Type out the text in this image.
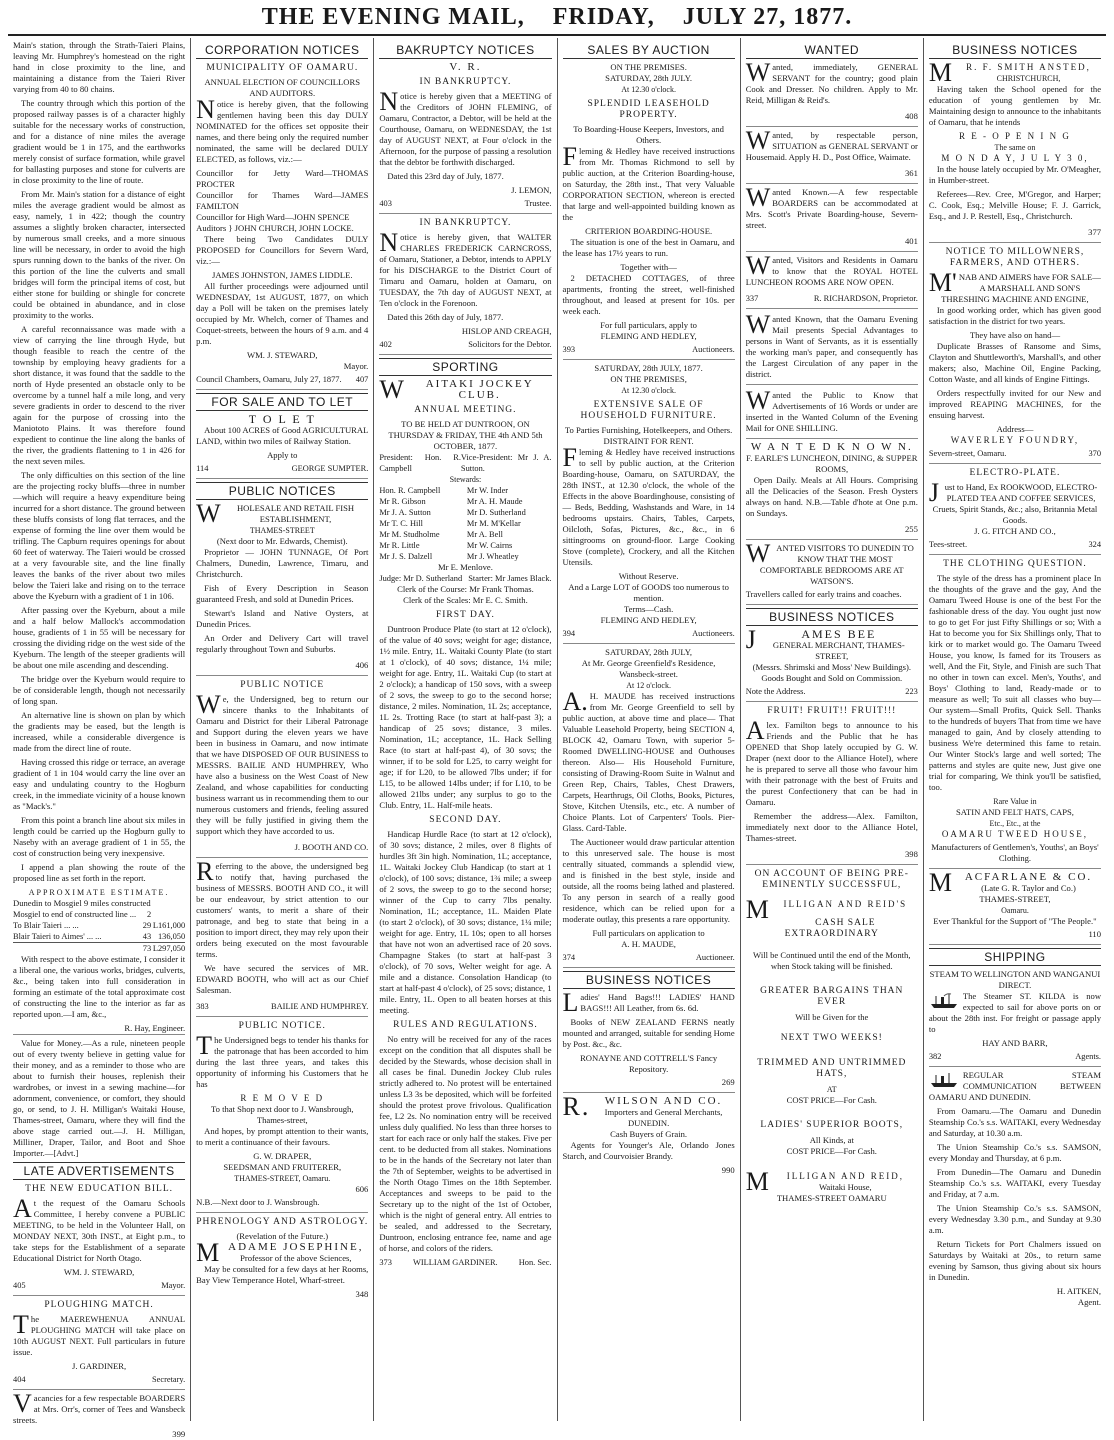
THE EVENING MAIL, FRIDAY, JULY 27, 1877.

Main's station, through the Strath-Taieri Plains, leaving Mr. Humphrey's homestead on the right hand in close proximity to the line, and maintaining a distance from the Taieri River varying from 40 to 80 chains.

The country through which this portion of the proposed railway passes is of a character highly suitable for the necessary works of construction, and for a distance of nine miles the average gradient would be 1 in 175, and the earthworks merely consist of surface formation, while gravel for ballasting purposes and stone for culverts are in close proximity to the line of route.

From Mr. Main's station for a distance of eight miles the average gradient would be almost as easy, namely, 1 in 422; though the country assumes a slightly broken character, intersected by numerous small creeks, and a more sinuous line will be necessary, in order to avoid the high spurs running down to the banks of the river. On this portion of the line the culverts and small bridges will form the principal items of cost, but either stone for building or shingle for concrete could be obtained in abundance, and in close proximity to the works.

A careful reconnaissance was made with a view of carrying the line through Hyde, but though feasible to reach the centre of the township by employing heavy gradients for a short distance, it was found that the saddle to the north of Hyde presented an obstacle only to be overcome by a tunnel half a mile long, and very severe gradients in order to descend to the river again for the purpose of crossing into the Maniototo Plains. It was therefore found expedient to continue the line along the banks of the river, the gradients flattening to 1 in 426 for the next seven miles.

The only difficulties on this section of the line are the projecting rocky bluffs—three in number—which will require a heavy expenditure being incurred for a short distance. The ground between these bluffs consists of long flat terraces, and the expense of forming the line over them would be trifling. The Capburn requires openings for about 60 feet of waterway. The Taieri would be crossed at a very favourable site, and the line finally leaves the banks of the river about two miles below the Taieri lake and rising on to the terrace above the Kyeburn with a gradient of 1 in 106.

After passing over the Kyeburn, about a mile and a half below Mallock's accommodation house, gradients of 1 in 55 will be necessary for crossing the dividing ridge on the west side of the Kyeburn. The length of the steeper gradients will be about one mile ascending and descending.

The bridge over the Kyeburn would require to be of considerable length, though not necessarily of long span.

An alternative line is shown on plan by which the gradients may be eased, but the length is increased, while a considerable divergence is made from the direct line of route.

Having crossed this ridge or terrace, an average gradient of 1 in 104 would carry the line over an easy and undulating country to the Hogburn creek, in the immediate vicinity of a house known as "Mack's."

From this point a branch line about six miles in length could be carried up the Hogburn gully to Naseby with an average gradient of 1 in 55, the cost of construction being very inexpensive.

I append a plan showing the route of the proposed line as set forth in the report.

APPROXIMATE ESTIMATE.
Dunedin to Mosgiel 9 miles constructed
Mosgiel to end of constructed line ...	2	
To Blair Taieri ... ...	29	L161,000
Blair Taieri to Aimes' ... ...	43	136,050
	73	L297,050

With respect to the above estimate, I consider it a liberal one, the various works, bridges, culverts, &c., being taken into full consideration in forming an estimate of the total approximate cost of constructing the line to the interior as far as reported upon.—I am, &c.,

R. Hay, Engineer.

Value for Money.—As a rule, nineteen people out of every twenty believe in getting value for their money, and as a reminder to those who are about to furnish their houses, replenish their wardrobes, or invest in a sewing machine—for adornment, convenience, or comfort, they should go, or send, to J. H. Milligan's Waitaki House, Thames-street, Oamaru, where they will find the above stage carried out.—J. H. Milligan, Milliner, Draper, Tailor, and Boot and Shoe Importer.—[Advt.]

LATE ADVERTISEMENTS
THE NEW EDUCATION BILL.

At the request of the Oamaru Schools Committee, I hereby convene a PUBLIC MEETING, to be held in the Volunteer Hall, on MONDAY NEXT, 30th INST., at Eight p.m., to take steps for the Establishment of a separate Educational District for North Otago.

WM. J. STEWARD,
405	Mayor.
PLOUGHING MATCH.

The MAEREWHENUA ANNUAL PLOUGHING MATCH will take place on 10th AUGUST NEXT. Full particulars in future issue.

J. GARDINER,
404	Secretary.

Vacancies for a few respectable BOARDERS at Mrs. Orr's, corner of Tees and Wansbeck streets.

399
CORPORATION NOTICES
MUNICIPALITY OF OAMARU.
ANNUAL ELECTION OF COUNCILLORS AND AUDITORS.

Notice is hereby given, that the following gentlemen having been this day DULY NOMINATED for the offices set opposite their names, and there being only the required number nominated, the same will be declared DULY ELECTED, as follows, viz.:—

Councillor for Jetty Ward—THOMAS PROCTER
Councillor for Thames Ward—JAMES FAMILTON
Councillor for High Ward—JOHN SPENCE
Auditors } JOHN CHURCH, JOHN LOCKE.

There being Two Candidates DULY PROPOSED for Councillors for Severn Ward, viz.:—

JAMES JOHNSTON, JAMES LIDDLE.

All further proceedings were adjourned until WEDNESDAY, 1st AUGUST, 1877, on which day a Poll will be taken on the premises lately occupied by Mr. Whelch, corner of Thames and Coquet-streets, between the hours of 9 a.m. and 4 p.m.

WM. J. STEWARD,
Mayor.
Council Chambers, Oamaru, July 27, 1877. 407
FOR SALE AND TO LET
T O L E T

About 100 ACRES of Good AGRICULTURAL LAND, within two miles of Railway Station.

Apply to
114	GEORGE SUMPTER.
PUBLIC NOTICES
WHOLESALE AND RETAIL FISH ESTABLISHMENT,
THAMES-STREET
(Next door to Mr. Edwards, Chemist).

Proprietor — JOHN TUNNAGE, Of Port Chalmers, Dunedin, Lawrence, Timaru, and Christchurch.

Fish of Every Description in Season guaranteed Fresh, and sold at Dunedin Prices.

Stewart's Island and Native Oysters, at Dunedin Prices.

An Order and Delivery Cart will travel regularly throughout Town and Suburbs.

406
PUBLIC NOTICE

We, the Undersigned, beg to return our sincere thanks to the Inhabitants of Oamaru and District for their Liberal Patronage and Support during the eleven years we have been in business in Oamaru, and now intimate that we have DISPOSED OF OUR BUSINESS to MESSRS. BAILIE AND HUMPHREY, Who have also a business on the West Coast of New Zealand, and whose capabilities for conducting business warrant us in recommending them to our numerous customers and friends, feeling assured they will be fully justified in giving them the support which they have accorded to us.

J. BOOTH AND CO.

Referring to the above, the undersigned beg to notify that, having purchased the business of MESSRS. BOOTH AND CO., it will be our endeavour, by strict attention to our customers' wants, to merit a share of their patronage, and beg to state that being in a position to import direct, they may rely upon their orders being executed on the most favourable terms.

We have secured the services of MR. EDWARD BOOTH, who will act as our Chief Salesman.

383	BAILIE AND HUMPHREY.
PUBLIC NOTICE.

The Undersigned begs to tender his thanks for the patronage that has been accorded to him during the last three years, and takes this opportunity of informing his Customers that he has

R E M O V E D
To that Shop next door to J. Wansbrough, Thames-street,

And hopes, by prompt attention to their wants, to merit a continuance of their favours.

G. W. DRAPER,
SEEDSMAN AND FRUITERER,
THAMES-STREET, Oamaru.
606
N.B.—Next door to J. Wansbrough.
PHRENOLOGY AND ASTROLOGY.
(Revelation of the Future.)
MADAME JOSEPHINE,
Professor of the above Sciences,

May be consulted for a few days at her Rooms, Bay View Temperance Hotel, Wharf-street.

348
BAKRUPTCY NOTICES
V. R.
IN BANKRUPTCY.

Notice is hereby given that a MEETING of the Creditors of JOHN FLEMING, of Oamaru, Contractor, a Debtor, will be held at the Courthouse, Oamaru, on WEDNESDAY, the 1st day of AUGUST NEXT, at Four o'clock in the Afternoon, for the purpose of passing a resolution that the debtor be forthwith discharged.

Dated this 23rd day of July, 1877.

J. LEMON,
403	Trustee.
IN BANKRUPTCY.

Notice is hereby given, that WALTER CHARLES FREDERICK CARNCROSS, of Oamaru, Stationer, a Debtor, intends to APPLY for his DISCHARGE to the District Court of Timaru and Oamaru, holden at Oamaru, on TUESDAY, the 7th day of AUGUST NEXT, at Ten o'clock in the Forenoon.

Dated this 26th day of July, 1877.

HISLOP AND CREAGH,
402	Solicitors for the Debtor.
SPORTING
WAITAKI JOCKEY CLUB.
ANNUAL MEETING.
TO BE HELD AT DUNTROON, ON THURSDAY & FRIDAY, THE 4th AND 5th OCTOBER, 1877.
President: Hon. R. Campbell
Vice-President: Mr J. A. Sutton.
Stewards:
Hon. R. Campbell	Mr W. Inder
Mr R. Gibson	Mr A. H. Maude
Mr J. A. Sutton	Mr D. Sutherland
Mr T. C. Hill	Mr M. M'Kellar
Mr M. Studholme	Mr A. Bell
Mr R. Little	Mr W. Cairns
Mr J. S. Dalzell	Mr J. Wheatley
Mr E. Menlove.
Judge: Mr D. Sutherland Starter: Mr James Black.
Clerk of the Course: Mr Frank Thomas.
Clerk of the Scales: Mr E. C. Smith.
FIRST DAY.

Duntroon Produce Plate (to start at 12 o'clock), of the value of 40 sovs; weight for age; distance, 1½ mile. Entry, 1L. Waitaki County Plate (to start at 1 o'clock), of 40 sovs; distance, 1¼ mile; weight for age. Entry, 1L. Waitaki Cup (to start at 2 o'clock); a handicap of 150 sovs, with a sweep of 2 sovs, the sweep to go to the second horse; distance, 2 miles. Nomination, 1L 2s; acceptance, 1L 2s. Trotting Race (to start at half-past 3); a handicap of 25 sovs; distance, 3 miles. Nomination, 1L; acceptance, 1L. Hack Selling Race (to start at half-past 4), of 30 sovs; the winner, if to be sold for L25, to carry weight for age; if for L20, to be allowed 7lbs under; if for L15, to be allowed 14lbs under; if for L10, to be allowed 21lbs under; any surplus to go to the Club. Entry, 1L. Half-mile heats.

SECOND DAY.

Handicap Hurdle Race (to start at 12 o'clock), of 30 sovs; distance, 2 miles, over 8 flights of hurdles 3ft 3in high. Nomination, 1L; acceptance, 1L. Waitaki Jockey Club Handicap (to start at 1 o'clock), of 100 sovs; distance, 1¾ mile; a sweep of 2 sovs, the sweep to go to the second horse; winner of the Cup to carry 7lbs penalty. Nomination, 1L; acceptance, 1L. Maiden Plate (to start 2 o'clock), of 30 sovs; distance, 1¼ mile; weight for age. Entry, 1L 10s; open to all horses that have not won an advertised race of 20 sovs. Champagne Stakes (to start at half-past 3 o'clock), of 70 sovs, Welter weight for age. A mile and a distance. Consolation Handicap (to start at half-past 4 o'clock), of 25 sovs; distance, 1 mile. Entry, 1L. Open to all beaten horses at this meeting.

RULES AND REGULATIONS.

No entry will be received for any of the races except on the condition that all disputes shall be decided by the Stewards, whose decision shall in all cases be final. Dunedin Jockey Club rules strictly adhered to. No protest will be entertained unless L3 3s be deposited, which will be forfeited should the protest prove frivolous. Qualification fee, L2 2s. No nomination entry will be received unless duly qualified. No less than three horses to start for each race or only half the stakes. Five per cent. to be deducted from all stakes. Nominations to be in the hands of the Secretary not later than the 7th of September, weights to be advertised in the North Otago Times on the 18th September. Acceptances and sweeps to be paid to the Secretary up to the night of the 1st of October, which is the night of general entry. All entries to be sealed, and addressed to the Secretary, Duntroon, enclosing entrance fee, name and age of horse, and colors of the riders.

373	WILLIAM GARDINER.	Hon. Sec.
SALES BY AUCTION
ON THE PREMISES.
SATURDAY, 28th JULY.
At 12.30 o'clock.
SPLENDID LEASEHOLD PROPERTY.
To Boarding-House Keepers, Investors, and Others.

Fleming & Hedley have received instructions from Mr. Thomas Richmond to sell by public auction, at the Criterion Boarding-house, on Saturday, the 28th inst., That very Valuable CORPORATION SECTION, whereon is erected that large and well-appointed building known as the

CRITERION BOARDING-HOUSE.

The situation is one of the best in Oamaru, and the lease has 17½ years to run.

Together with—

2 DETACHED COTTAGES, of three apartments, fronting the street, well-finished throughout, and leased at present for 10s. per week each.

For full particulars, apply to
FLEMING AND HEDLEY,
393	Auctioneers.
SATURDAY, 28th JULY, 1877.
ON THE PREMISES,
At 12.30 o'clock.
EXTENSIVE SALE OF HOUSEHOLD FURNITURE.
To Parties Furnishing, Hotelkeepers, and Others.
DISTRAINT FOR RENT.

Fleming & Hedley have received instructions to sell by public auction, at the Criterion Boarding-house, Oamaru, on SATURDAY, the 28th INST., at 12.30 o'clock, the whole of the Effects in the above Boardinghouse, consisting of— Beds, Bedding, Washstands and Ware, in 14 bedrooms upstairs. Chairs, Tables, Carpets, Oilcloth, Sofas, Pictures, &c., &c., in 6 sittingrooms on ground-floor. Large Cooking Stove (complete), Crockery, and all the Kitchen Utensils.

Without Reserve.
And a Large LOT of GOODS too numerous to mention.
Terms—Cash.
FLEMING AND HEDLEY,
394	Auctioneers.
SATURDAY, 28th JULY,
At Mr. George Greenfield's Residence, Wansbeck-street.
At 12 o'clock.

A.H. MAUDE has received instructions from Mr. George Greenfield to sell by public auction, at above time and place— That Valuable Leasehold Property, being SECTION 4, BLOCK 42, Oamaru Town, with superior 5-Roomed DWELLING-HOUSE and Outhouses thereon. Also— His Household Furniture, consisting of Drawing-Room Suite in Walnut and Green Rep, Chairs, Tables, Chest Drawers, Carpets, Hearthrugs, Oil Cloths, Books, Pictures, Stove, Kitchen Utensils, etc., etc. A number of Choice Plants. Lot of Carpenters' Tools. Pier-Glass. Card-Table.

The Auctioneer would draw particular attention to this unreserved sale. The house is most centrally situated, commands a splendid view, and is finished in the best style, inside and outside, all the rooms being lathed and plastered. To any person in search of a really good residence, which can be relied upon for a moderate outlay, this presents a rare opportunity.

Full particulars on application to
A. H. MAUDE,
374	Auctioneer.
BUSINESS NOTICES

Ladies' Hand Bags!!! LADIES' HAND BAGS!!! All Leather, from 6s. 6d.

Books of NEW ZEALAND FERNS neatly mounted and arranged, suitable for sending Home by Post. &c., &c.

RONAYNE AND COTTRELL'S Fancy Repository.
269
R.WILSON AND CO.
Importers and General Merchants, DUNEDIN.
Cash Buyers of Grain.

Agents for Younger's Ale, Orlando Jones Starch, and Courvoisier Brandy.

990
WANTED

Wanted, immediately, GENERAL SERVANT for the country; good plain Cook and Dresser. No children. Apply to Mr. Reid, Milligan & Reid's.

408

Wanted, by respectable person, SITUATION as GENERAL SERVANT or Housemaid. Apply H. D., Post Office, Waimate.

361

Wanted Known.—A few respectable BOARDERS can be accommodated at Mrs. Scott's Private Boarding-house, Severn-street.

401

Wanted, Visitors and Residents in Oamaru to know that the ROYAL HOTEL LUNCHEON ROOMS ARE NOW OPEN.

337	R. RICHARDSON, Proprietor.

Wanted Known, that the Oamaru Evening Mail presents Special Advantages to persons in Want of Servants, as it is essentially the working man's paper, and consequently has the Largest Circulation of any paper in the district.

Wanted the Public to Know that Advertisements of 16 Words or under are inserted in the Wanted Column of the Evening Mail for ONE SHILLING.

W A N T E D K N O W N.
F. EARLE'S LUNCHEON, DINING, & SUPPER ROOMS,

Open Daily. Meals at All Hours. Comprising all the Delicacies of the Season. Fresh Oysters always on hand. N.B.—Table d'hote at One p.m. on Sundays.

255
WANTED VISITORS TO DUNEDIN TO KNOW THAT THE MOST COMFORTABLE BEDROOMS ARE AT WATSON'S.
Travellers called for early trains and coaches.
BUSINESS NOTICES
JAMES BEE
GENERAL MERCHANT, THAMES-STREET,
(Messrs. Shrimski and Moss' New Buildings).
Goods Bought and Sold on Commission.
Note the Address.	223
FRUIT! FRUIT!! FRUIT!!!

Alex. Familton begs to announce to his Friends and the Public that he has OPENED that Shop lately occupied by G. W. Draper (next door to the Alliance Hotel), where he is prepared to serve all those who favour him with their patronage with the best of Fruits and the purest Confectionery that can be had in Oamaru.

Remember the address—Alex. Familton, immediately next door to the Alliance Hotel, Thames-street.

398
ON ACCOUNT OF BEING PRE-EMINENTLY SUCCESSFUL,
MILLIGAN AND REID'S
CASH SALE EXTRAORDINARY

Will be Continued until the end of the Month, when Stock taking will be finished.

GREATER BARGAINS THAN EVER
Will be Given for the
NEXT TWO WEEKS!
TRIMMED AND UNTRIMMED HATS,
AT
COST PRICE—For Cash.
LADIES' SUPERIOR BOOTS,
All Kinds, at
COST PRICE—For Cash.
MILLIGAN AND REID,
Waitaki House,
THAMES-STREET OAMARU
BUSINESS NOTICES
MR. F. SMITH ANSTED,
CHRISTCHURCH,

Having taken the School opened for the education of young gentlemen by Mr. Maintaining design to announce to the inhabitants of Oamaru, that he intends

R E - O P E N I N G
The same on
M O N D A Y, J U L Y 3 0,

In the house lately occupied by Mr. O'Meagher, in Humber-street.

Referees—Rev. Cree, M'Gregor, and Harper; C. Cook, Esq.; Melville House; F. J. Garrick, Esq., and J. P. Restell, Esq., Christchurch.

377
NOTICE TO MILLOWNERS, FARMERS, AND OTHERS.
M'NAB AND AIMERS have FOR SALE—
A MARSHALL AND SON'S THRESHING MACHINE AND ENGINE,

In good working order, which has given good satisfaction in the district for two years.

They have also on hand—

Duplicate Brasses of Ransome and Sims, Clayton and Shuttleworth's, Marshall's, and other makers; also, Machine Oil, Engine Packing, Cotton Waste, and all kinds of Engine Fittings.

Orders respectfully invited for our New and improved REAPING MACHINES, for the ensuing harvest.

Address—
WAVERLEY FOUNDRY,
Severn-street, Oamaru.	370
ELECTRO-PLATE.
Just to Hand, Ex ROOKWOOD, ELECTRO-PLATED TEA AND COFFEE SERVICES,
Cruets, Spirit Stands, &c.; also, Britannia Metal Goods.
J. G. FITCH AND CO.,
Tees-street.	324
THE CLOTHING QUESTION.

The style of the dress has a prominent place In the thoughts of the grave and the gay, And the Oamaru Tweed House is one of the best For the fashionable dress of the day. You ought just now to go to get For just Fifty Shillings or so; With a Hat to become you for Six Shillings only, That to kirk or to market would go. The Oamaru Tweed House, you know, Is famed for its Trousers as well, And the Fit, Style, and Finish are such That no other in town can excel. Men's, Youths', and Boys' Clothing to land, Ready-made or to measure as well; To suit all classes who buy— Our system—Small Profits, Quick Sell. Thanks to the hundreds of buyers That from time we have managed to gain, And by closely attending to business We're determined this fame to retain. Our Winter Stock's large and well sorted; The patterns and styles are quite new, Just give one trial for comparing, We think you'll be satisfied, too.

Rare Value in
SATIN AND FELT HATS, CAPS,
Etc., Etc., at the
OAMARU TWEED HOUSE,
Manufacturers of Gentlemen's, Youths', an Boys' Clothing.
MACFARLANE & CO.
(Late G. R. Taylor and Co.)
THAMES-STREET,
Oamaru.
Ever Thankful for the Support of "The People."
110
SHIPPING
STEAM TO WELLINGTON AND WANGANUI DIRECT.

The Steamer ST. KILDA is now expected to sail for above ports on or about the 28th inst. For freight or passage apply to

HAY AND BARR,
382	Agents.

REGULAR STEAM COMMUNICATION BETWEEN OAMARU AND DUNEDIN.

From Oamaru.—The Oamaru and Dunedin Steamship Co.'s s.s. WAITAKI, every Wednesday and Saturday, at 10.30 a.m.

The Union Steamship Co.'s s.s. SAMSON, every Monday and Thursday, at 6 p.m.

From Dunedin—The Oamaru and Dunedin Steamship Co.'s s.s. WAITAKI, every Tuesday and Friday, at 7 a.m.

The Union Steamship Co.'s s.s. SAMSON, every Wednesday 3.30 p.m., and Sunday at 9.30 a.m.

Return Tickets for Port Chalmers issued on Saturdays by Waitaki at 20s., to return same evening by Samson, thus giving about six hours in Dunedin.

H. AITKEN,
Agent.
